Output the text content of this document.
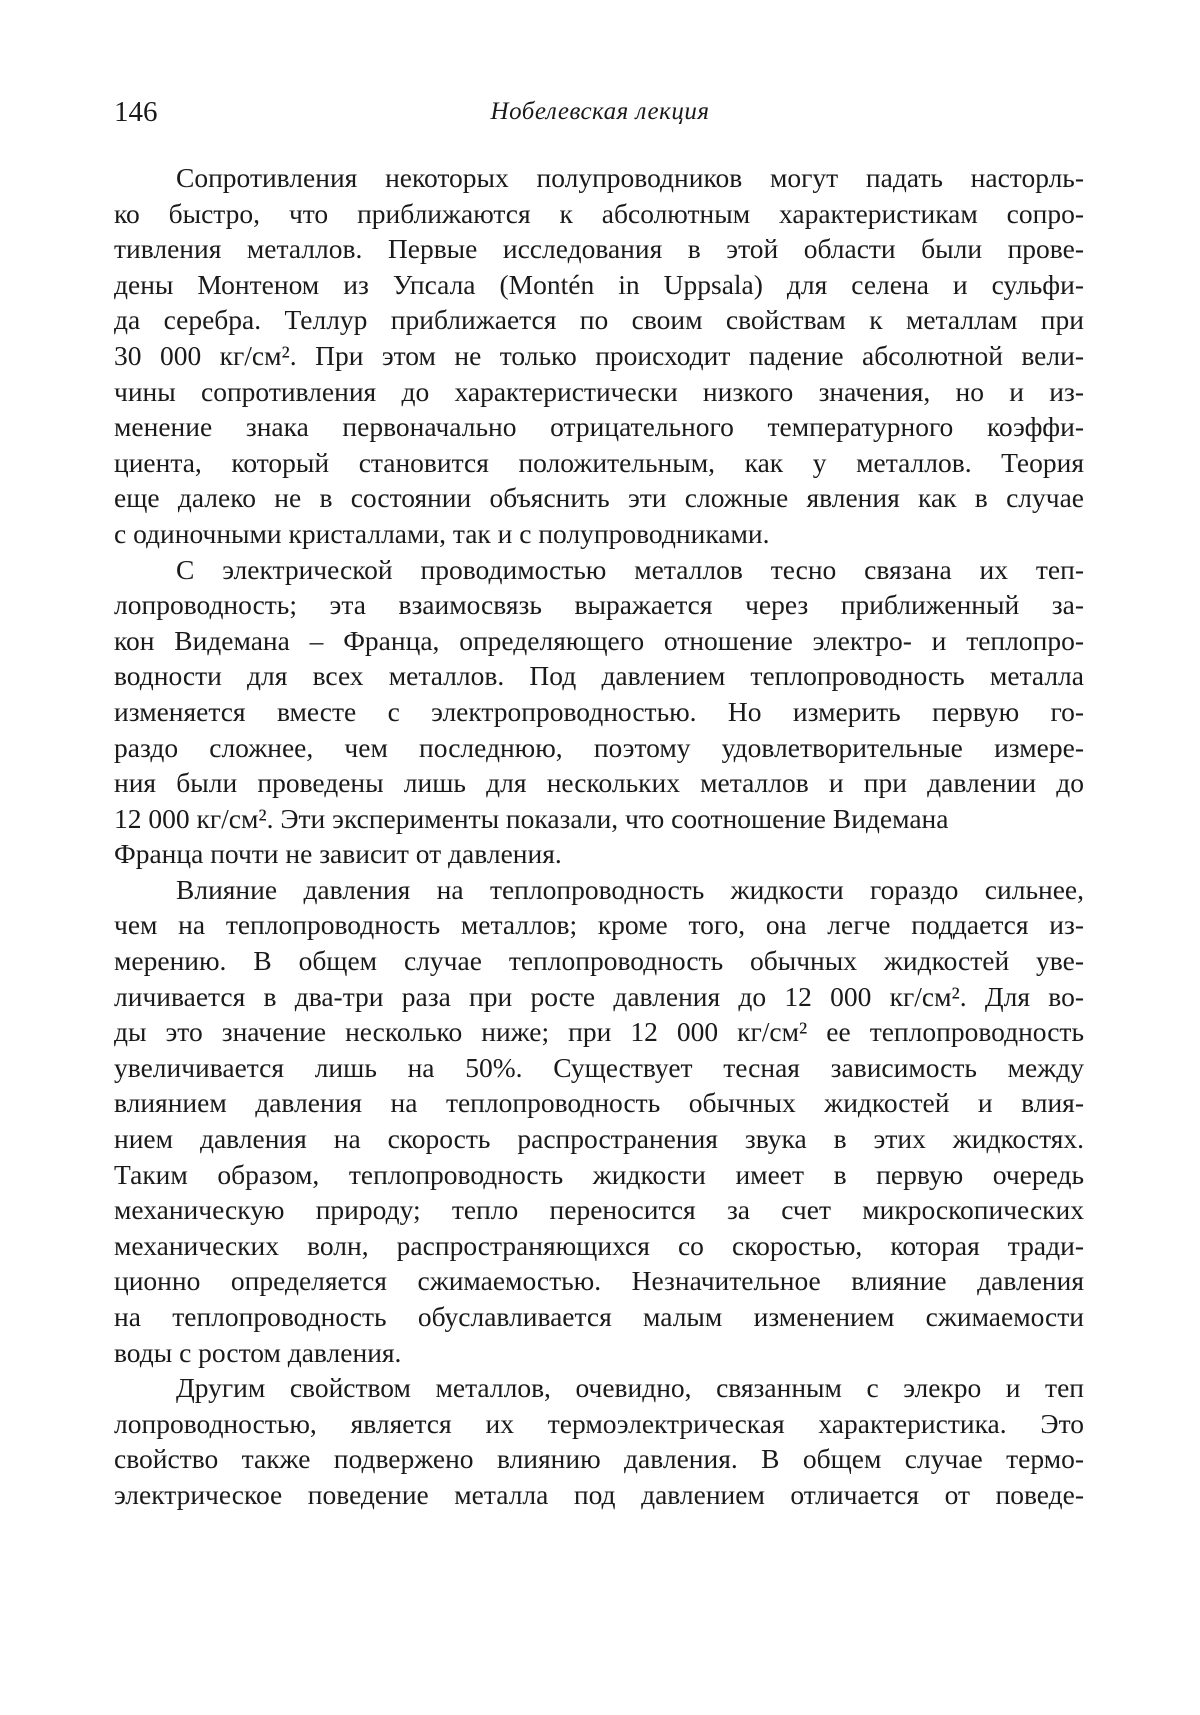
146	Нобелевская лекция
Сопротивления некоторых полупроводников могут падать насторль-
ко быстро, что приближаются к абсолютным характеристикам сопро-
тивления металлов. Первые исследования в этой области были прове-
дены Монтеном из Упсала (Montén in Uppsala) для селена и сульфи-
да серебра. Теллур приближается по своим свойствам к металлам при
30 000 кг/см². При этом не только происходит падение абсолютной вели-
чины сопротивления до характеристически низкого значения, но и из-
менение знака первоначально отрицательного температурного коэффи-
циента, который становится положительным, как у металлов. Теория
еще далеко не в состоянии объяснить эти сложные явления как в случае
с одиночными кристаллами, так и с полупроводниками.
С электрической проводимостью металлов тесно связана их теп-
лопроводность; эта взаимосвязь выражается через приближенный за-
кон Видемана – Франца, определяющего отношение электро- и теплопро-
водности для всех металлов. Под давлением теплопроводность металла
изменяется вместе с электропроводностью. Но измерить первую го-
раздо сложнее, чем последнюю, поэтому удовлетворительные измере-
ния были проведены лишь для нескольких металлов и при давлении до
12 000 кг/см². Эти эксперименты показали, что соотношение Видемана
Франца почти не зависит от давления.
Влияние давления на теплопроводность жидкости гораздо сильнее,
чем на теплопроводность металлов; кроме того, она легче поддается из-
мерению. В общем случае теплопроводность обычных жидкостей уве-
личивается в два-три раза при росте давления до 12 000 кг/см². Для во-
ды это значение несколько ниже; при 12 000 кг/см² ее теплопроводность
увеличивается лишь на 50%. Существует тесная зависимость между
влиянием давления на теплопроводность обычных жидкостей и влия-
нием давления на скорость распространения звука в этих жидкостях.
Таким образом, теплопроводность жидкости имеет в первую очередь
механическую природу; тепло переносится за счет микроскопических
механических волн, распространяющихся со скоростью, которая тради-
ционно определяется сжимаемостью. Незначительное влияние давления
на теплопроводность обуславливается малым изменением сжимаемости
воды с ростом давления.
Другим свойством металлов, очевидно, связанным с элекро и теп
лопроводностью, является их термоэлектрическая характеристика. Это
свойство также подвержено влиянию давления. В общем случае термо-
электрическое поведение металла под давлением отличается от поведе-
